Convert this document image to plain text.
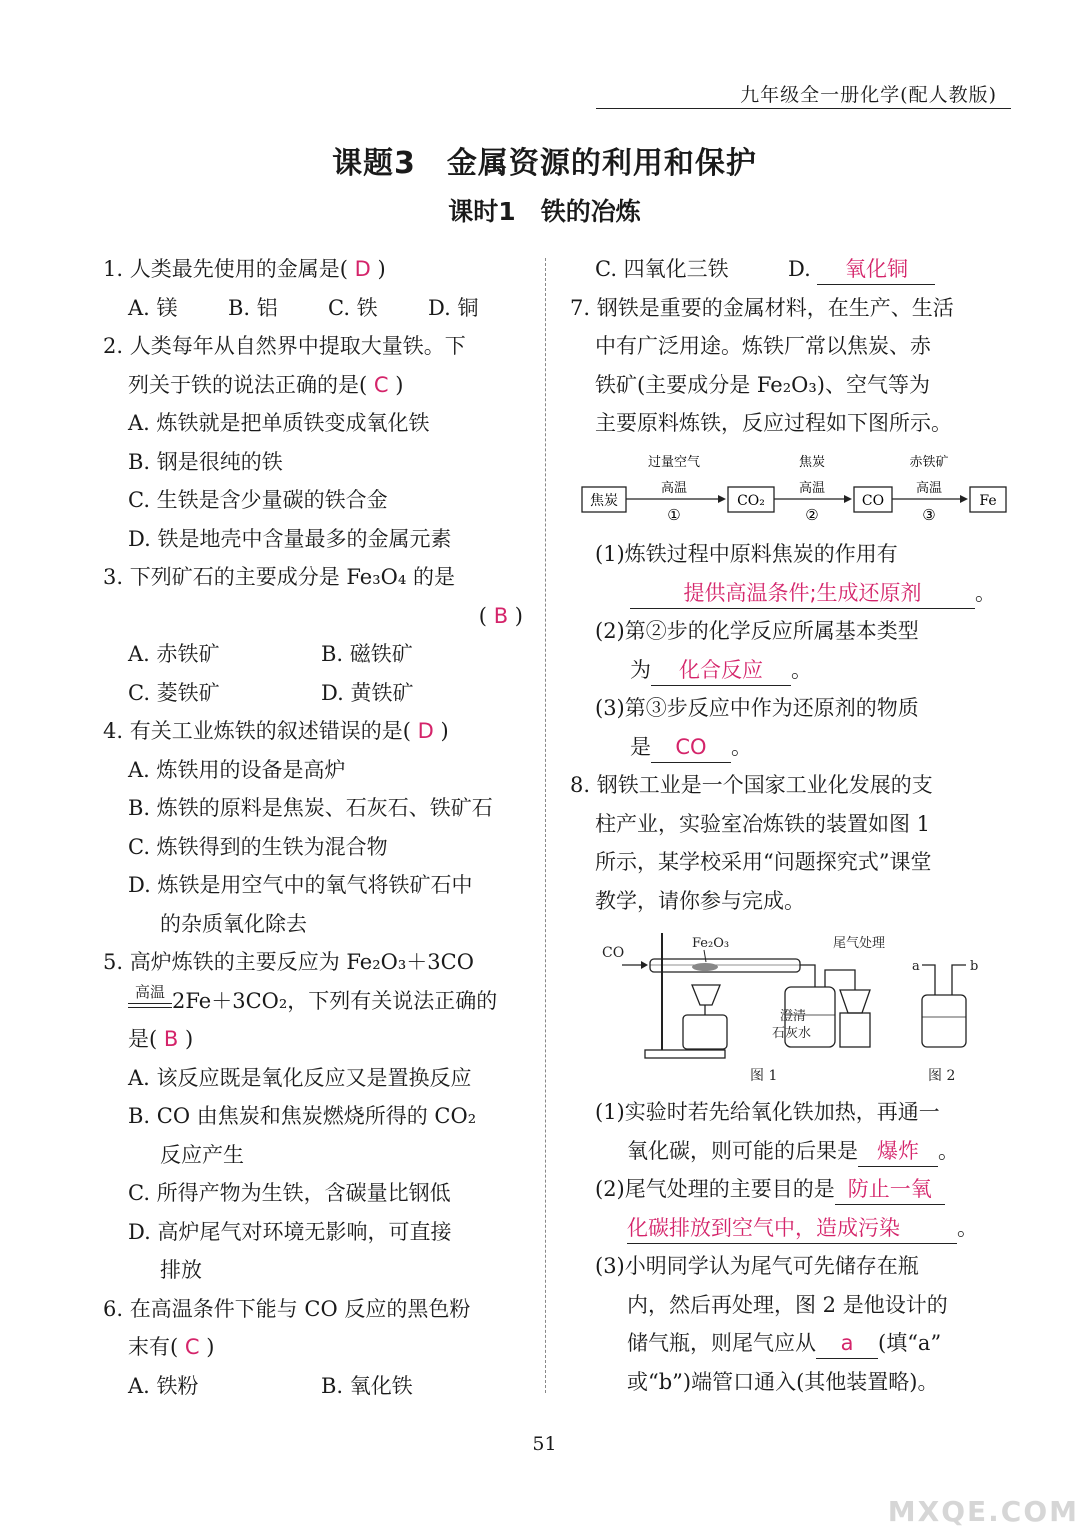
九年级全一册化学(配人教版)
课题3　金属资源的利用和保护
课时1　铁的冶炼
1. 人类最先使用的金属是( D )
A. 镁 B. 铝 C. 铁 D. 铜
2. 人类每年从自然界中提取大量铁。下
列关于铁的说法正确的是( C )
A. 炼铁就是把单质铁变成氧化铁
B. 钢是很纯的铁
C. 生铁是含少量碳的铁合金
D. 铁是地壳中含量最多的金属元素
3. 下列矿石的主要成分是 Fe₃O₄ 的是
( B )
A. 赤铁矿	B. 磁铁矿
C. 菱铁矿	D. 黄铁矿
4. 有关工业炼铁的叙述错误的是( D )
A. 炼铁用的设备是高炉
B. 炼铁的原料是焦炭、石灰石、铁矿石
C. 炼铁得到的生铁为混合物
D. 炼铁是用空气中的氧气将铁矿石中
的杂质氧化除去
5. 高炉炼铁的主要反应为 Fe₂O₃＋3CO
高温 2Fe＋3CO₂，下列有关说法正确的
是( B )
A. 该反应既是氧化反应又是置换反应
B. CO 由焦炭和焦炭燃烧所得的 CO₂
反应产生
C. 所得产物为生铁，含碳量比钢低
D. 高炉尾气对环境无影响，可直接
排放
6. 在高温条件下能与 CO 反应的黑色粉
末有( C )
A. 铁粉	B. 氧化铁
C. 四氧化三铁	D. 氧化铜
7. 钢铁是重要的金属材料，在生产、生活
中有广泛用途。炼铁厂常以焦炭、赤
铁矿(主要成分是 Fe₂O₃)、空气等为
主要原料炼铁，反应过程如下图所示。
焦炭
过量空气
高温
①
CO₂
焦炭
高温
②
CO
赤铁矿
高温
③
Fe
(1)炼铁过程中原料焦炭的作用有
提供高温条件;生成还原剂	。
(2)第②步的化学反应所属基本类型
为 化合反应 。
(3)第③步反应中作为还原剂的物质
是 CO 。
8. 钢铁工业是一个国家工业化发展的支
柱产业，实验室冶炼铁的装置如图 1
所示，某学校采用“问题探究式”课堂
教学，请你参与完成。
CO
Fe₂O₃
澄清
石灰水
尾气处理
a	b
图 1	图 2
(1)实验时若先给氧化铁加热，再通一
氧化碳，则可能的后果是 爆炸 。
(2)尾气处理的主要目的是 防止一氧
化碳排放到空气中，造成污染	。
(3)小明同学认为尾气可先储存在瓶
内，然后再处理，图 2 是他设计的
储气瓶，则尾气应从 a (填“a”
或“b”)端管口通入(其他装置略)。
51
MXQE.COM
